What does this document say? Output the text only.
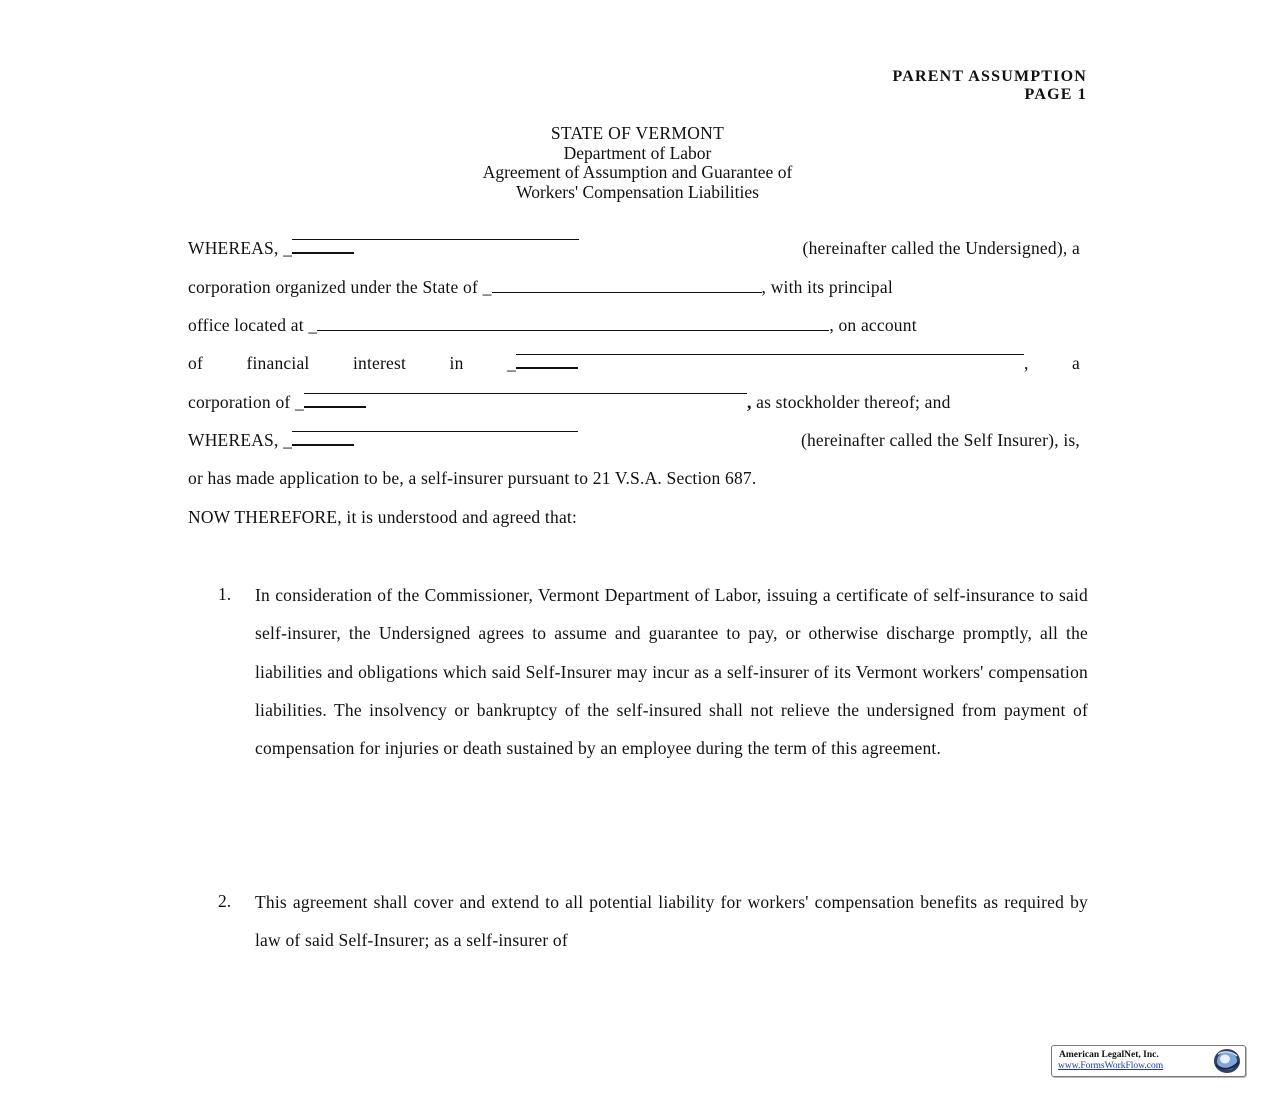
PARENT ASSUMPTION
PAGE 1
STATE OF VERMONT
Department of Labor
Agreement of Assumption and Guarantee of
Workers' Compensation Liabilities
WHEREAS, _	(hereinafter called the Undersigned), a
corporation organized under the State of _	, with its principal
office located at _	, on account
of financial interest in _	, a
corporation of _	, as stockholder thereof; and
WHEREAS, _	(hereinafter called the Self Insurer), is,
or has made application to be, a self-insurer pursuant to 21 V.S.A. Section 687.
NOW THEREFORE, it is understood and agreed that:
1. In consideration of the Commissioner, Vermont Department of Labor, issuing a certificate of self-insurance to said self-insurer, the Undersigned agrees to assume and guarantee to pay, or otherwise discharge promptly, all the liabilities and obligations which said Self-Insurer may incur as a self-insurer of its Vermont workers' compensation liabilities. The insolvency or bankruptcy of the self-insured shall not relieve the undersigned from payment of compensation for injuries or death sustained by an employee during the term of this agreement.

2. This agreement shall cover and extend to all potential liability for workers' compensation benefits as required by law of said Self-Insurer; as a self-insurer of

American LegalNet, Inc.
www.FormsWorkFlow.com
